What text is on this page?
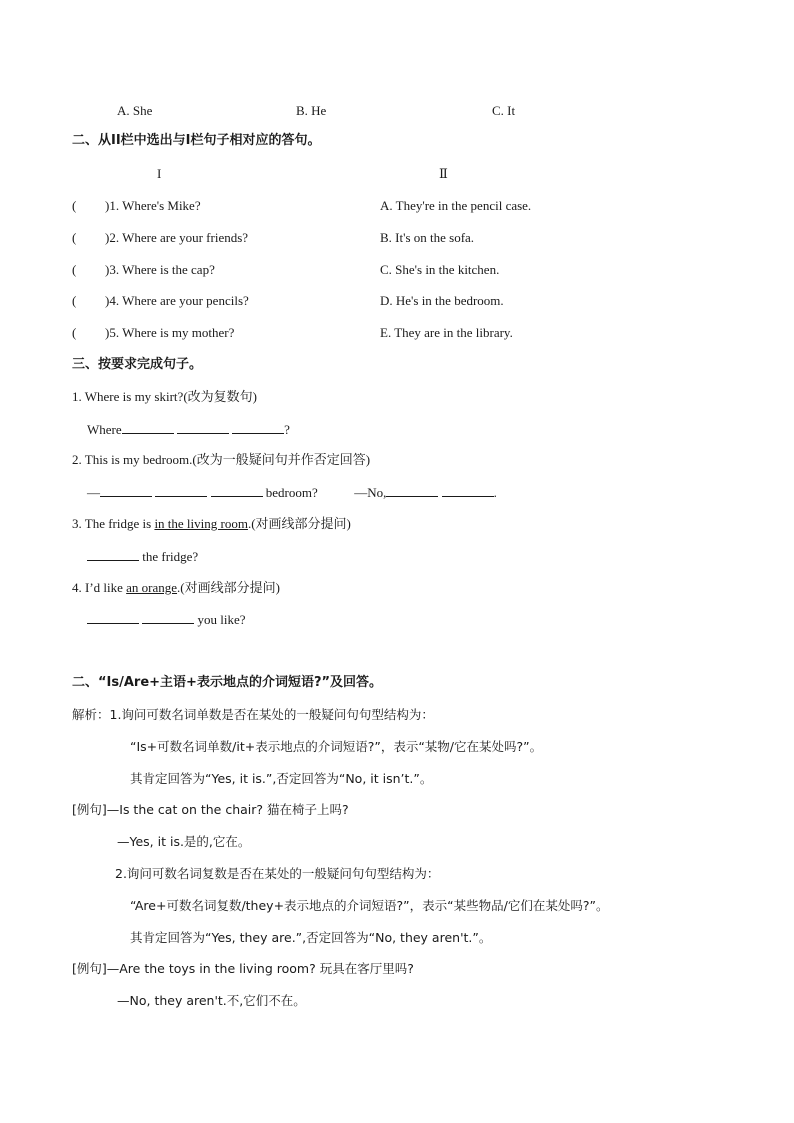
A. She	B. He	C. It
二、从II栏中选出与I栏句子相对应的答句。
I	Ⅱ
( )1. Where's Mike?	A. They're in the pencil case.
( )2. Where are your friends?	B. It's on the sofa.
( )3. Where is the cap?	C. She's in the kitchen.
( )4. Where are your pencils?	D. He's in the bedroom.
( )5. Where is my mother?	E. They are in the library.
三、按要求完成句子。
1. Where is my skirt?(改为复数句)
Where	?
2. This is my bedroom.(改为一般疑问句并作否定回答)
—	bedroom?	—No,	.
3. The fridge is in the living room.(对画线部分提问)
the fridge?
4. I’d like an orange.(对画线部分提问)
you like?
二、“Is/Are+主语+表示地点的介词短语?”及回答。
解析：1.询问可数名词单数是否在某处的一般疑问句句型结构为：
“Is+可数名词单数/it+表示地点的介词短语?”，表示“某物/它在某处吗?”。
其肯定回答为“Yes, it is.”,否定回答为“No, it isn’t.”。
[例句]—Is the cat on the chair? 猫在椅子上吗?
—Yes, it is.是的,它在。
2.询问可数名词复数是否在某处的一般疑问句句型结构为：
“Are+可数名词复数/they+表示地点的介词短语?”，表示“某些物品/它们在某处吗?”。
其肯定回答为“Yes, they are.”,否定回答为“No, they aren't.”。
[例句]—Are the toys in the living room? 玩具在客厅里吗?
—No, they aren't.不,它们不在。
